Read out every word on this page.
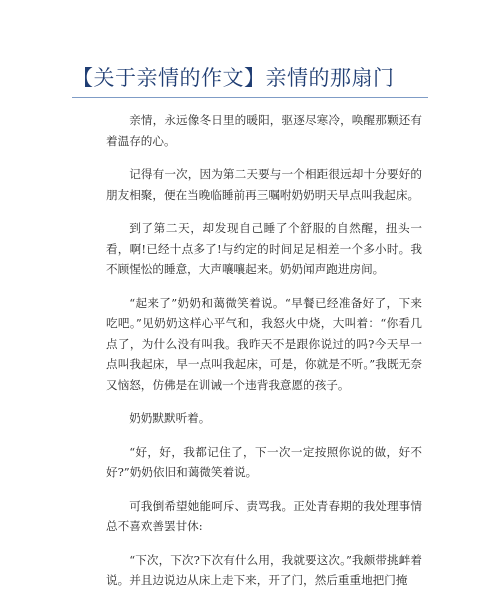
【关于亲情的作文】亲情的那扇门

亲情，永远像冬日里的暖阳，驱逐尽寒冷，唤醒那颗还有着温存的心。

记得有一次，因为第二天要与一个相距很远却十分要好的朋友相聚，便在当晚临睡前再三嘱咐奶奶明天早点叫我起床。

到了第二天，却发现自己睡了个舒服的自然醒，扭头一看，啊!已经十点多了!与约定的时间足足相差一个多小时。我不顾惺忪的睡意，大声嚷嚷起来。奶奶闻声跑进房间。

“起来了”奶奶和蔼微笑着说。“早餐已经准备好了，下来吃吧。”见奶奶这样心平气和，我怒火中烧，大叫着：“你看几点了，为什么没有叫我。我昨天不是跟你说过的吗?今天早一点叫我起床，早一点叫我起床，可是，你就是不听。”我既无奈又恼怒，仿佛是在训诫一个违背我意愿的孩子。

奶奶默默听着。

“好，好，我都记住了，下一次一定按照你说的做，好不好?”奶奶依旧和蔼微笑着说。

可我倒希望她能呵斥、责骂我。正处青春期的我处理事情总不喜欢善罢甘休:

“下次，下次?下次有什么用，我就要这次。”我颇带挑衅着说。并且边说边从床上走下来，开了门，然后重重地把门掩
